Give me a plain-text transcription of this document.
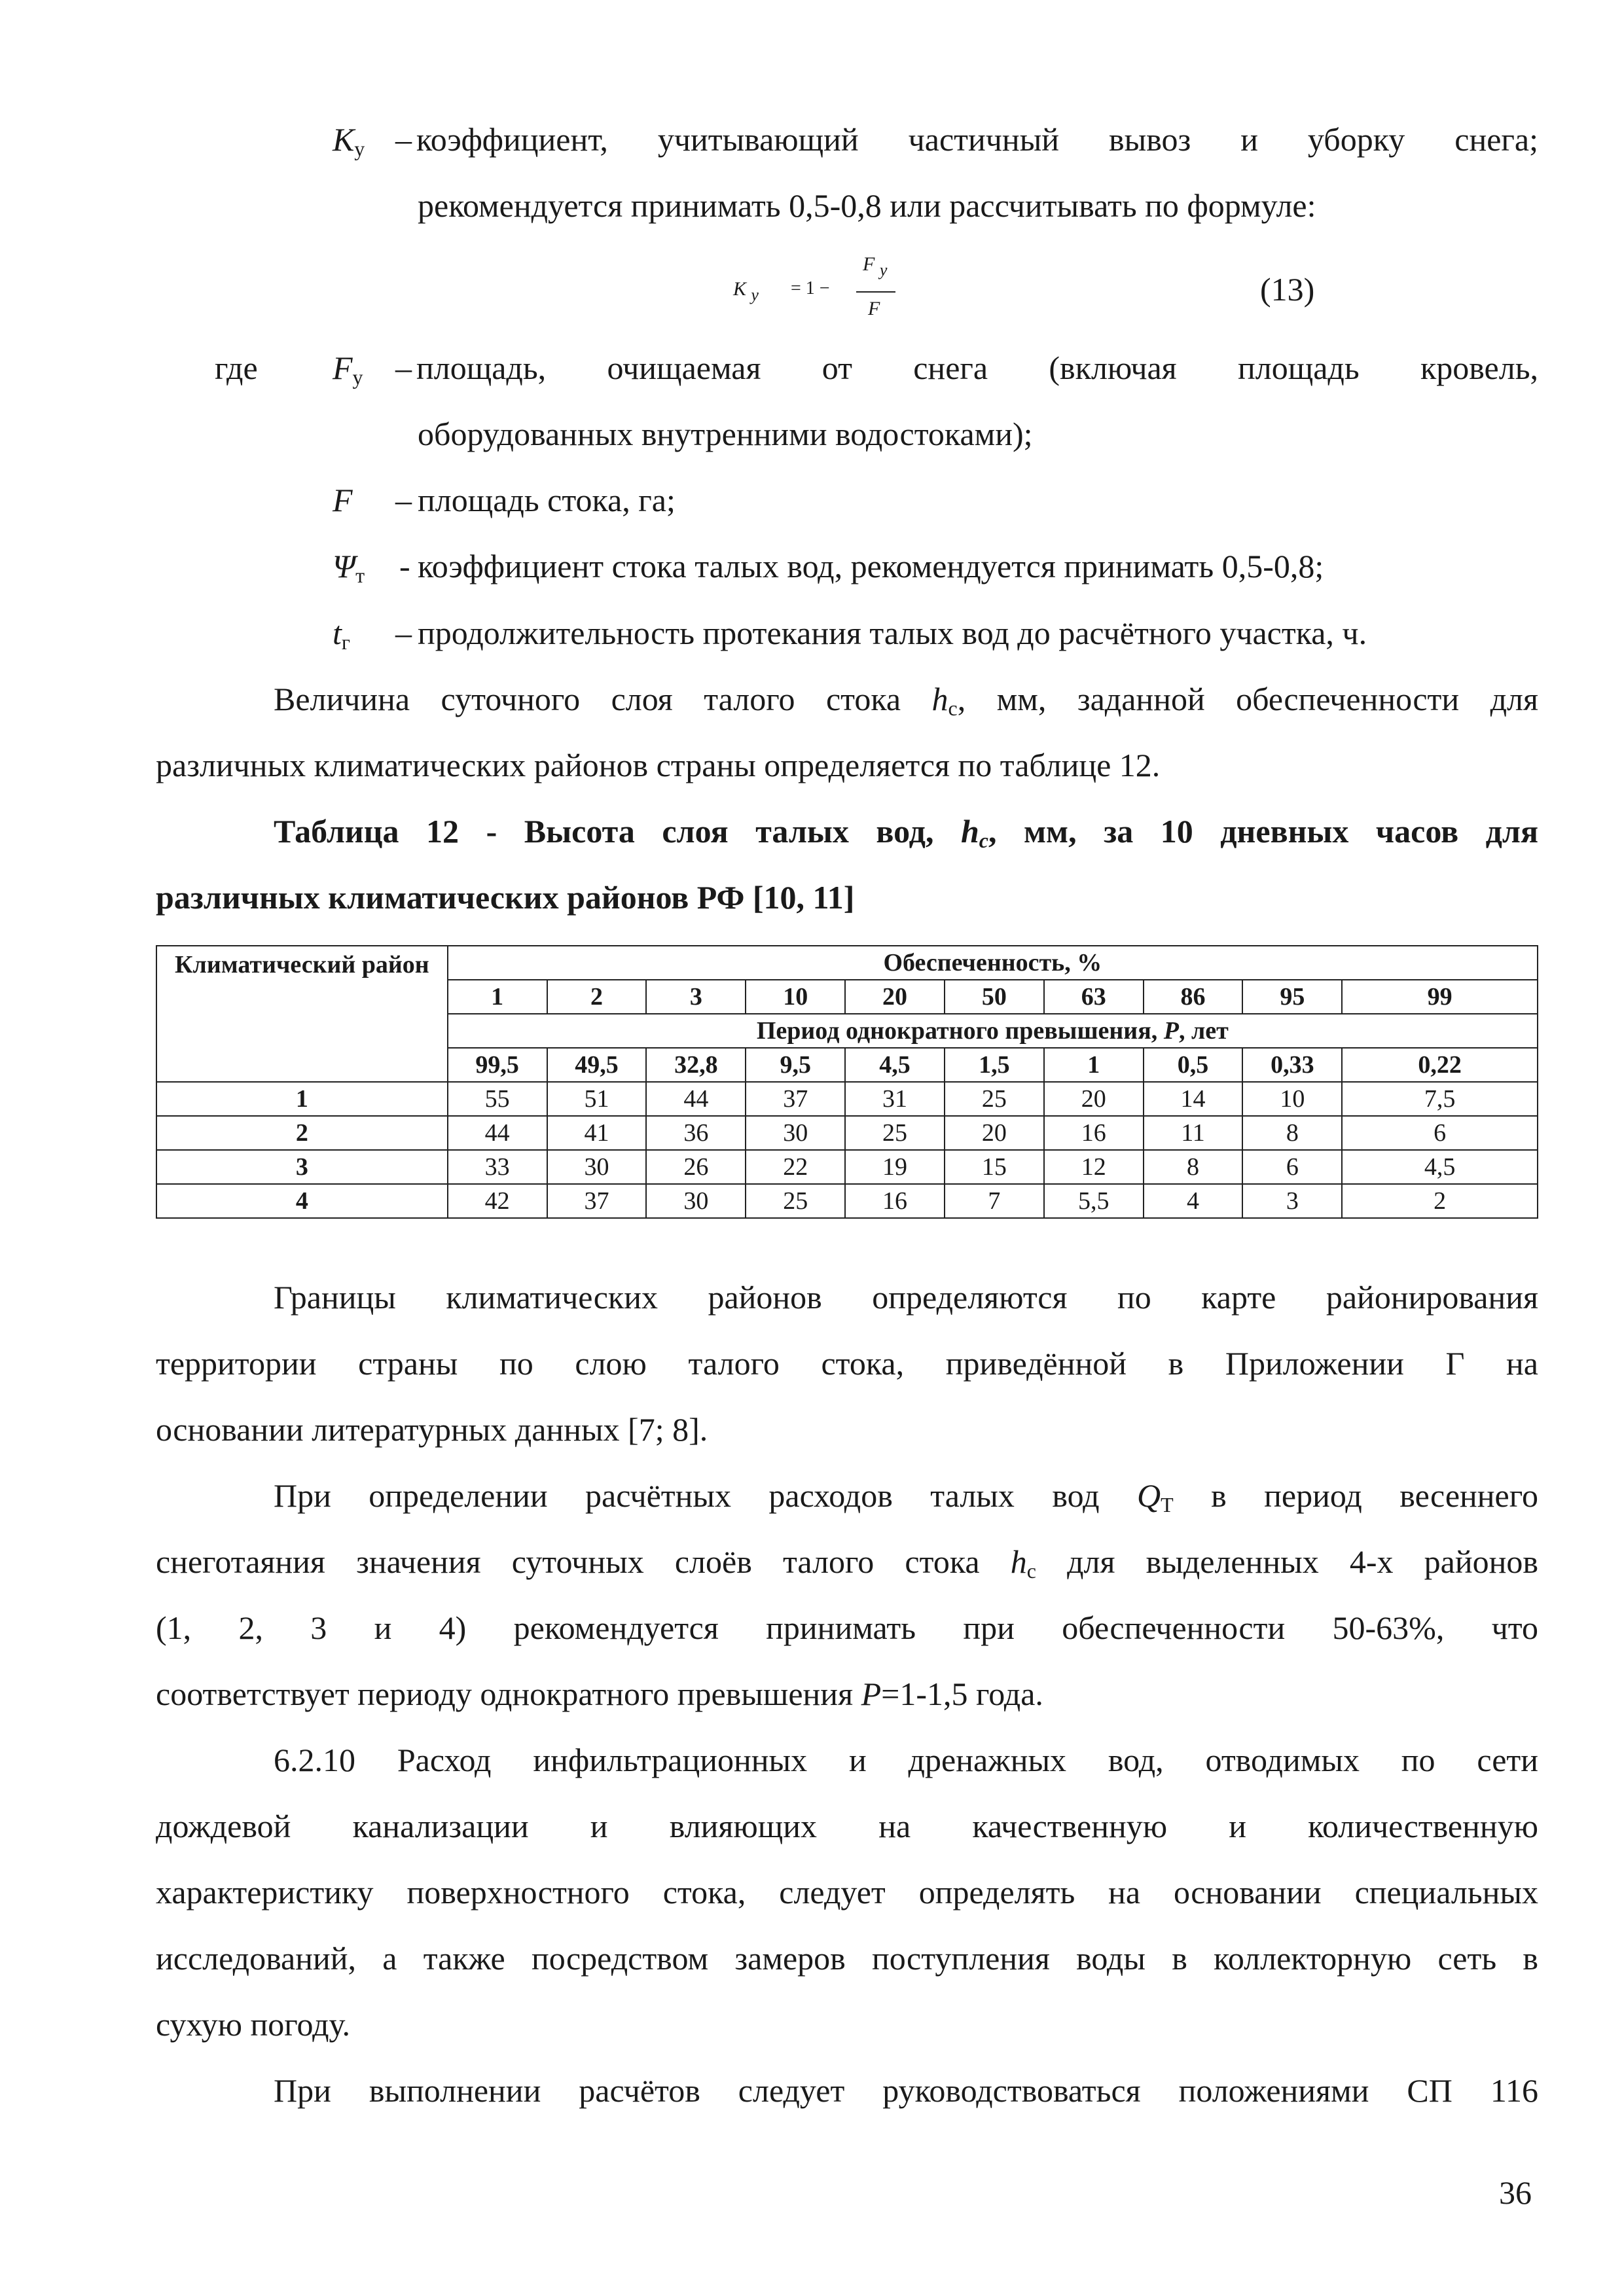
$К_у$ – коэффициент, учитывающий частичный вывоз и уборку снега;
рекомендуется принимать 0,5-0,8 или рассчитывать по формуле:
К у = 1 −
F у
F
(13)
где $F_у$ – площадь, очищаемая от снега (включая площадь кровель,
оборудованных внутренними водостоками);
F – площадь стока, га;
$\Psi_т$ - коэффициент стока талых вод, рекомендуется принимать 0,5-0,8;
$t_г$ – продолжительность протекания талых вод до расчётного участка, ч.
Величина суточного слоя талого стока $h_с$, мм, заданной обеспеченности для
различных климатических районов страны определяется по таблице 12.
Таблица 12 - Высота слоя талых вод, $h_c$, мм, за 10 дневных часов для
различных климатических районов РФ [10, 11]
Климатический район	Обеспеченность, %									
	1	2	3	10	20	50	63	86	95	99
	Период однократного превышения, Р, лет									
	99,5	49,5	32,8	9,5	4,5	1,5	1	0,5	0,33	0,22
1	55	51	44	37	31	25	20	14	10	7,5
2	44	41	36	30	25	20	16	11	8	6
3	33	30	26	22	19	15	12	8	6	4,5
4	42	37	30	25	16	7	5,5	4	3	2
Границы климатических районов определяются по карте районирования
территории страны по слою талого стока, приведённой в Приложении Г на
основании литературных данных [7; 8].
При определении расчётных расходов талых вод $Q_Т$ в период весеннего
снеготаяния значения суточных слоёв талого стока $h_с$ для выделенных 4-х районов
(1, 2, 3 и 4) рекомендуется принимать при обеспеченности 50-63%, что
соответствует периоду однократного превышения P=1-1,5 года.
6.2.10 Расход инфильтрационных и дренажных вод, отводимых по сети
дождевой канализации и влияющих на качественную и количественную
характеристику поверхностного стока, следует определять на основании специальных
исследований, а также посредством замеров поступления воды в коллекторную сеть в
сухую погоду.
При выполнении расчётов следует руководствоваться положениями СП 116
36
